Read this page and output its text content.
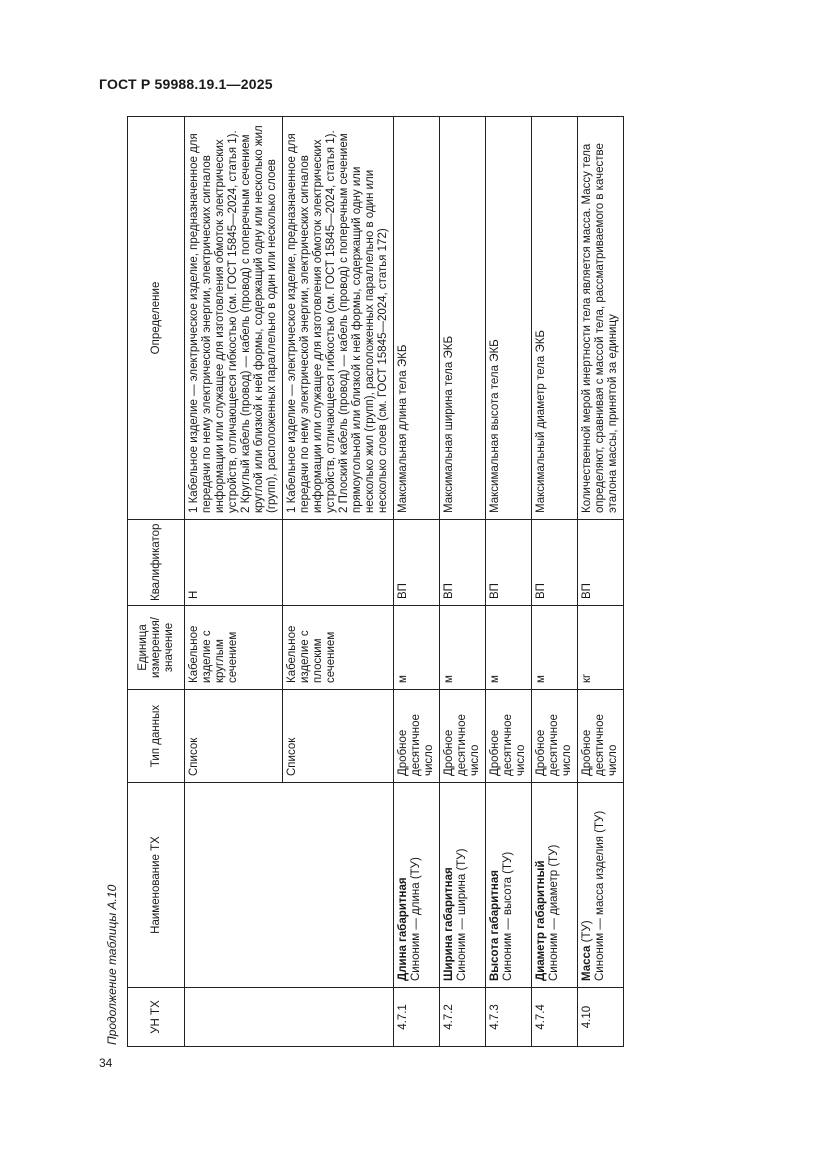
ГОСТ Р 59988.19.1—2025
Продолжение таблицы А.10	УН ТХ	Наименование ТХ	Тип данных	Единица измерения/ значение	Квалификатор	Определение
		Список	Кабельное изделие с круглым сечением	Н	1 Кабельное изделие — электрическое изделие, предназначенное для передачи по нему электрической энергии, электрических сигналов информации или служащее для изготовления обмоток электрических устройств, отличающееся гибкостью (см. ГОСТ 15845—2024, статья 1). 2 Круглый кабель (провод) — кабель (провод) с поперечным сечением круглой или близкой к ней формы, содержащий одну или несколько жил (групп), расположенных параллельно в один или несколько слоев
		Список	Кабельное изделие с плоским сечением		1 Кабельное изделие — электрическое изделие, предназначенное для передачи по нему электрической энергии, электрических сигналов информации или служащее для изготовления обмоток электрических устройств, отличающееся гибкостью (см. ГОСТ 15845—2024, статья 1). 2 Плоский кабель (провод) — кабель (провод) с поперечным сечением прямоугольной или близкой к ней формы, содержащий одну или несколько жил (групп), расположенных параллельно в один или несколько слоев (см. ГОСТ 15845—2024, статья 172)
4.7.1	Длина габаритная Синоним — длина (ТУ)	Дробное десятичное число	м	ВП	Максимальная длина тела ЭКБ
4.7.2	Ширина габаритная Синоним — ширина (ТУ)	Дробное десятичное число	м	ВП	Максимальная ширина тела ЭКБ
4.7.3	Высота габаритная Синоним — высота (ТУ)	Дробное десятичное число	м	ВП	Максимальная высота тела ЭКБ
4.7.4	Диаметр габаритный Синоним — диаметр (ТУ)	Дробное десятичное число	м	ВП	Максимальный диаметр тела ЭКБ
4.10	Масса (ТУ) Синоним — масса изделия (ТУ)	Дробное десятичное число	кг	ВП	Количественной мерой инертности тела является масса. Массу тела определяют, сравнивая с массой тела, рассматриваемого в качестве эталона массы, принятой за единицу
34
